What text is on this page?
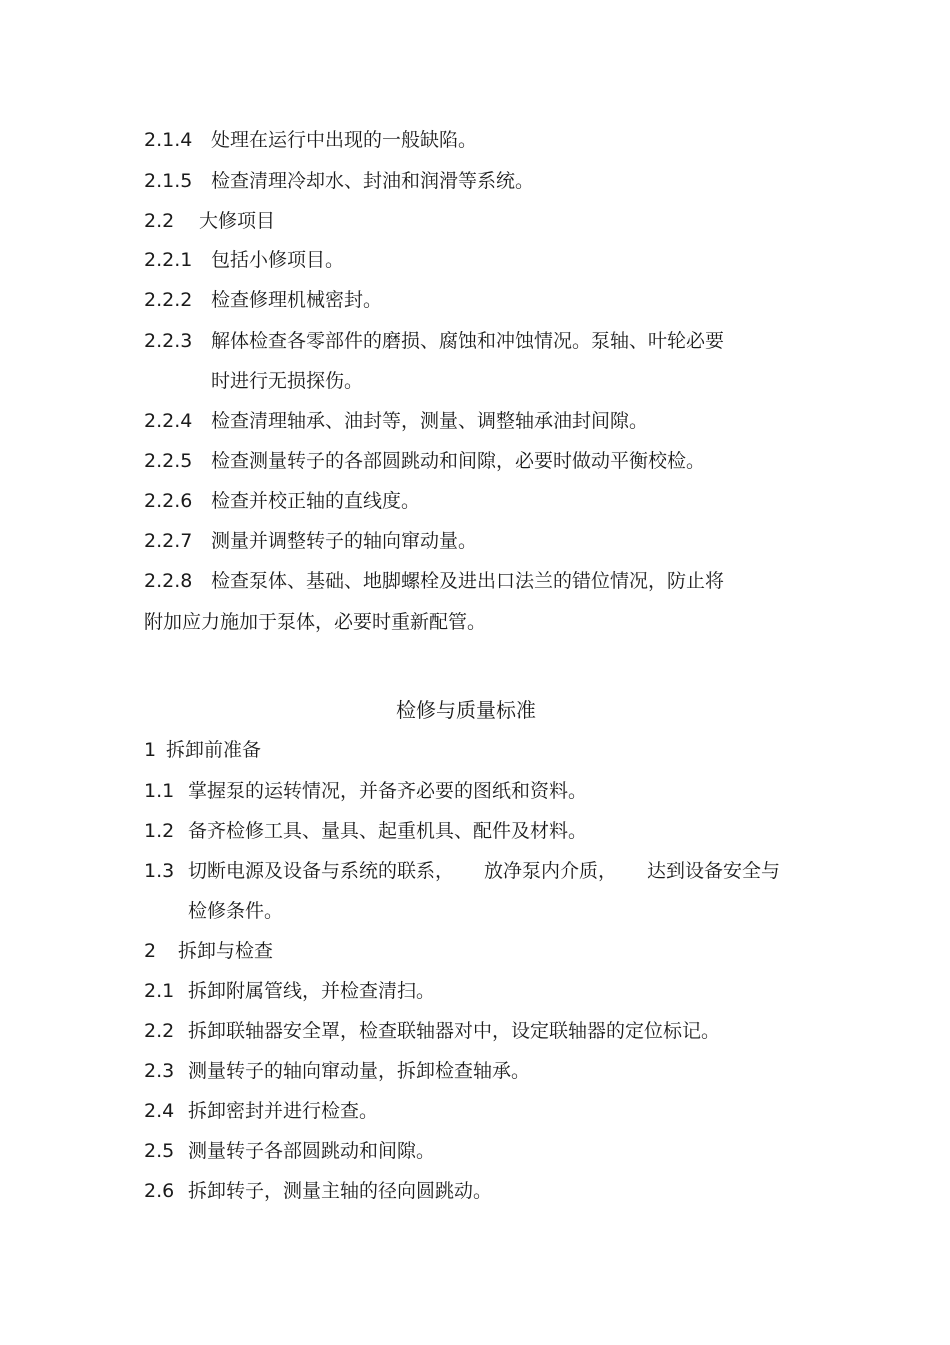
2.1.4 处理在运行中出现的一般缺陷。
2.1.5 检查清理冷却水、封油和润滑等系统。
2.2 大修项目
2.2.1 包括小修项目。
2.2.2 检查修理机械密封。
2.2.3 解体检查各零部件的磨损、腐蚀和冲蚀情况。泵轴、叶轮必要
时进行无损探伤。
2.2.4 检查清理轴承、油封等，测量、调整轴承油封间隙。
2.2.5 检查测量转子的各部圆跳动和间隙，必要时做动平衡校检。
2.2.6 检查并校正轴的直线度。
2.2.7 测量并调整转子的轴向窜动量。
2.2.8 检查泵体、基础、地脚螺栓及进出口法兰的错位情况，防止将
附加应力施加于泵体，必要时重新配管。
检修与质量标准
1 拆卸前准备
1.1 掌握泵的运转情况，并备齐必要的图纸和资料。
1.2 备齐检修工具、量具、起重机具、配件及材料。
1.3 切断电源及设备与系统的联系， 放净泵内介质， 达到设备安全与
检修条件。
2 拆卸与检查
2.1 拆卸附属管线，并检查清扫。
2.2 拆卸联轴器安全罩，检查联轴器对中，设定联轴器的定位标记。
2.3 测量转子的轴向窜动量，拆卸检查轴承。
2.4 拆卸密封并进行检查。
2.5 测量转子各部圆跳动和间隙。
2.6 拆卸转子，测量主轴的径向圆跳动。
